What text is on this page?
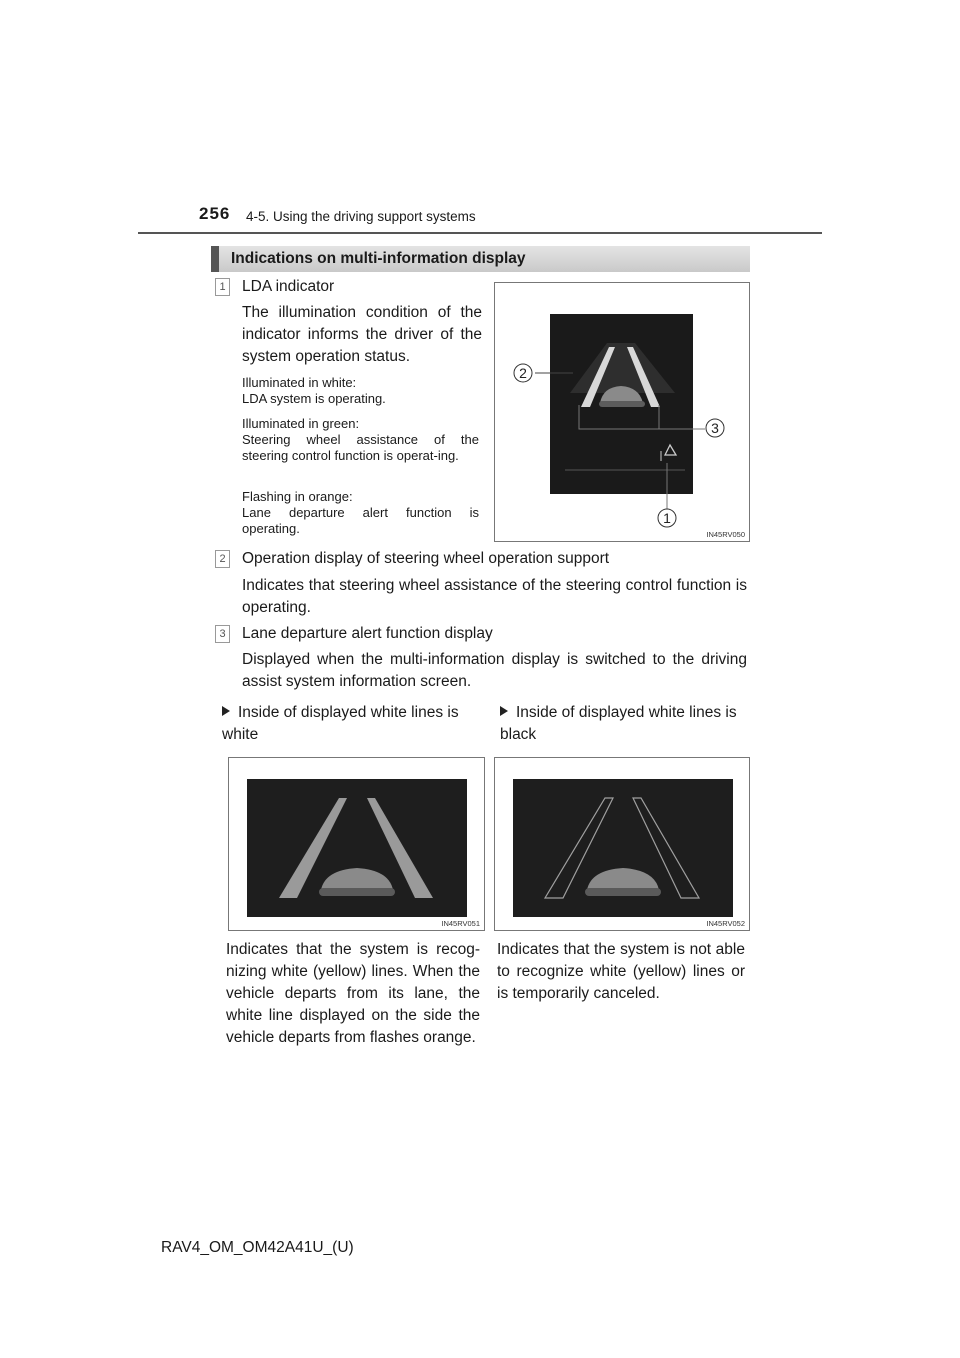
256 4-5. Using the driving support systems
Indications on multi-information display
1 LDA indicator
The illumination condition of the indicator informs the driver of the system operation status.
Illuminated in white:
LDA system is operating.
Illuminated in green:
Steering wheel assistance of the steering control function is operat-ing.
Flashing in orange:
Lane departure alert function is operating.
2
3
1
IN45RV050
2 Operation display of steering wheel operation support
Indicates that steering wheel assistance of the steering control function is operating.
3 Lane departure alert function display
Displayed when the multi-information display is switched to the driving assist system information screen.
Inside of displayed white lines is white
Inside of displayed white lines is black
IN45RV051	IN45RV052
Indicates that the system is recog-nizing white (yellow) lines. When the vehicle departs from its lane, the white line displayed on the side the vehicle departs from flashes orange.
Indicates that the system is not able to recognize white (yellow) lines or is temporarily canceled.
RAV4_OM_OM42A41U_(U)
